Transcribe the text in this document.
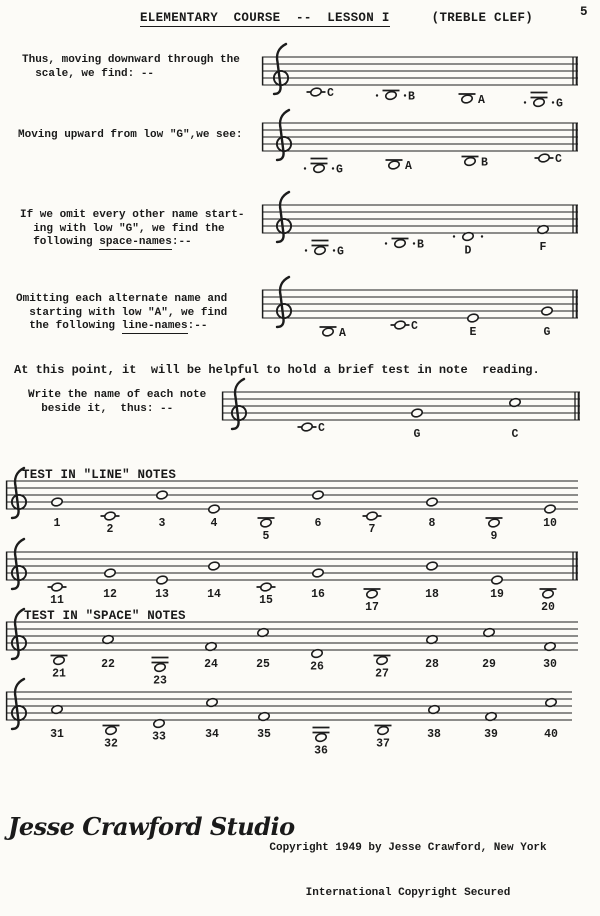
5
ELEMENTARY  COURSE  --  LESSON I	(TREBLE CLEF)
Thus, moving downward through the
scale, we find: --
Moving upward from low "G",we see:
If we omit every other name start-
ing with low "G", we find the
following space-names:--
Omitting each alternate name and
starting with low "A", we find
the following line-names:--
At this point, it  will be helpful to hold a brief test in note  reading.
Write the name of each note
beside it,  thus: --
TEST IN "LINE" NOTES
TEST IN "SPACE" NOTES
C	B	A	G
G	A	B	C
G
B	D	F
A
C	E	G
C	G	C
1	2	3	4
5
6	7	8
9
10
11	12	13	14	15	16
17
18	19
20
21
22
23
24	25	26
27
28	29	30
31
32
33	34	35
36
37
38	39	40
Jesse Crawford Studio

Copyright 1949 by Jesse Crawford, New York

International Copyright Secured
